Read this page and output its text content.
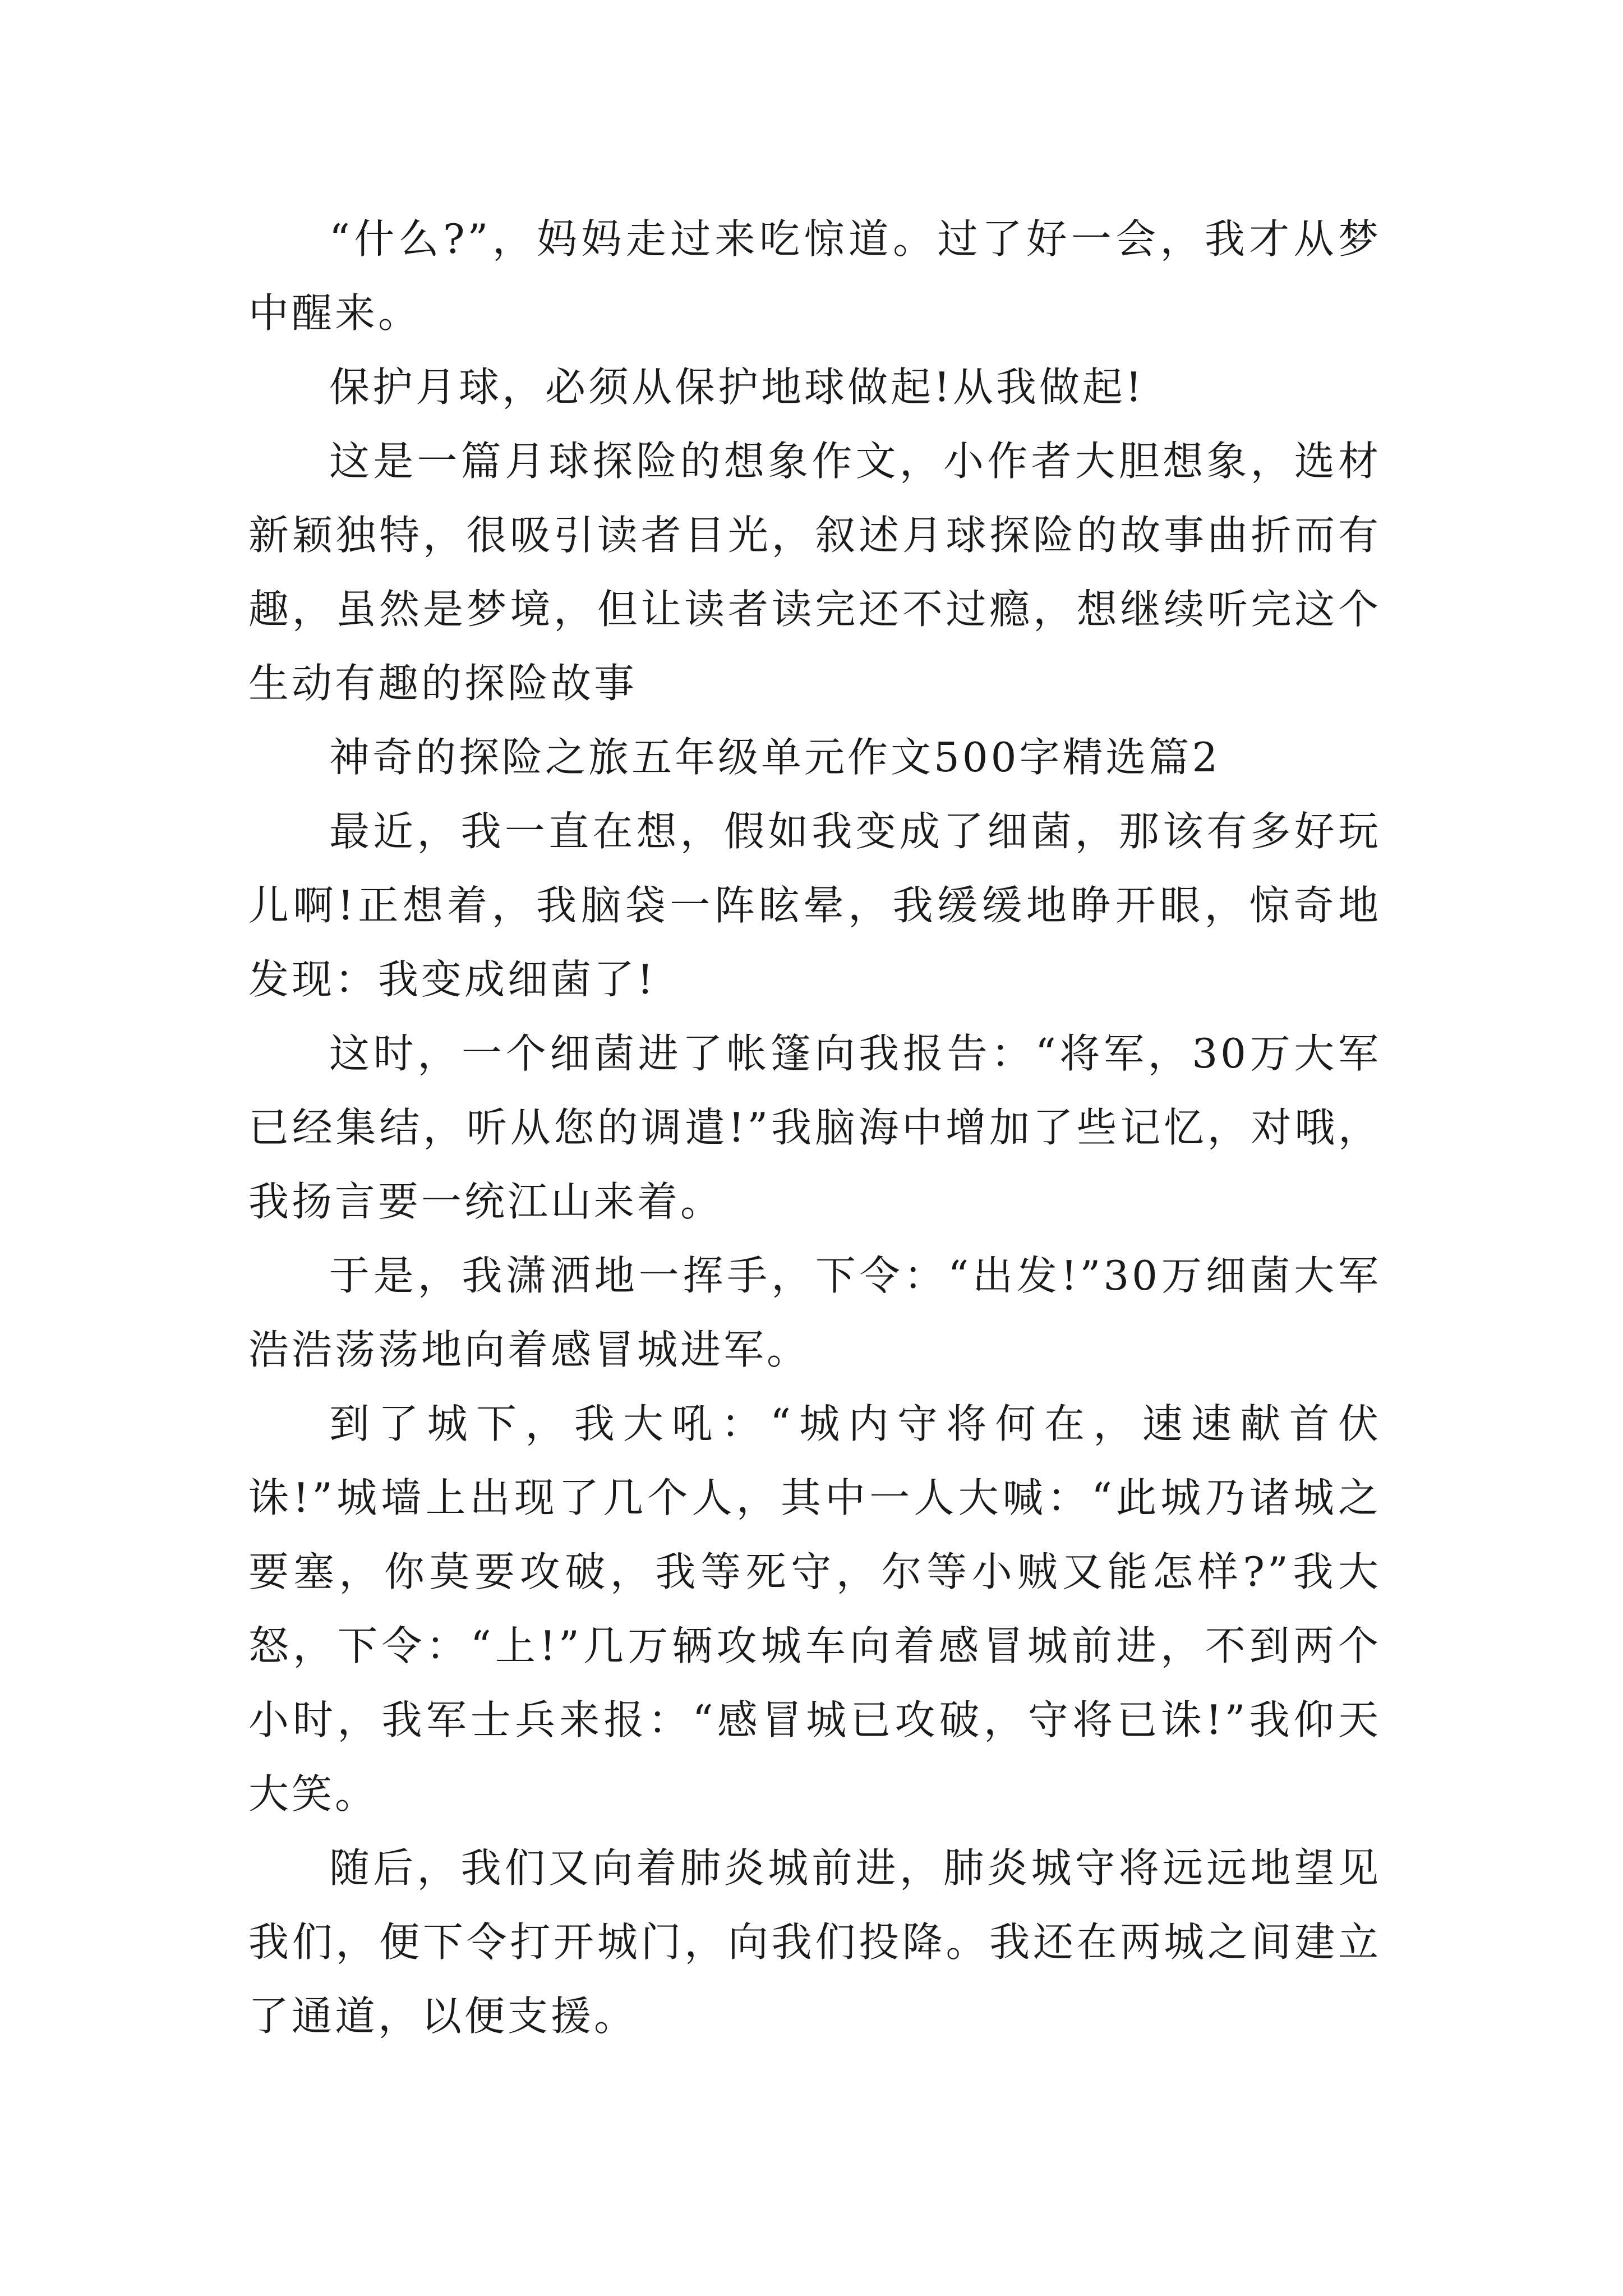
“什么?”，妈妈走过来吃惊道。过了好一会，我才从梦中醒来。

保护月球，必须从保护地球做起!从我做起!

这是一篇月球探险的想象作文，小作者大胆想象，选材新颖独特，很吸引读者目光，叙述月球探险的故事曲折而有趣，虽然是梦境，但让读者读完还不过瘾，想继续听完这个生动有趣的探险故事

神奇的探险之旅五年级单元作文500字精选篇2

最近，我一直在想，假如我变成了细菌，那该有多好玩儿啊!正想着，我脑袋一阵眩晕，我缓缓地睁开眼，惊奇地发现：我变成细菌了!

这时，一个细菌进了帐篷向我报告：“将军，30万大军已经集结，听从您的调遣!”我脑海中增加了些记忆，对哦，我扬言要一统江山来着。

于是，我潇洒地一挥手，下令：“出发!”30万细菌大军浩浩荡荡地向着感冒城进军。

到了城下，我大吼：“城内守将何在，速速献首伏诛!”城墙上出现了几个人，其中一人大喊：“此城乃诸城之要塞，你莫要攻破，我等死守，尔等小贼又能怎样?”我大怒，下令：“上!”几万辆攻城车向着感冒城前进，不到两个小时，我军士兵来报：“感冒城已攻破，守将已诛!”我仰天大笑。

随后，我们又向着肺炎城前进，肺炎城守将远远地望见我们，便下令打开城门，向我们投降。我还在两城之间建立了通道，以便支援。
